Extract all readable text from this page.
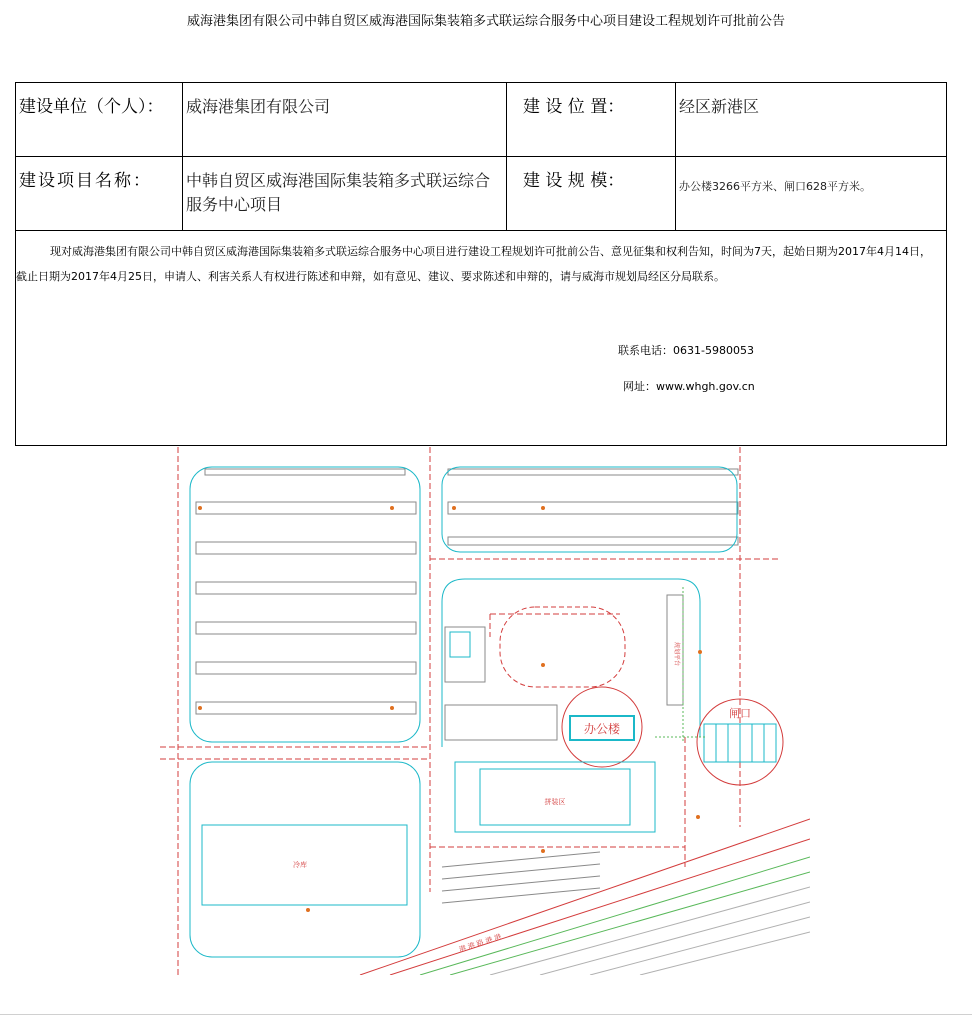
威海港集团有限公司中韩自贸区威海港国际集装箱多式联运综合服务中心项目建设工程规划许可批前公告
建设单位（个人）：	威海港集团有限公司	建 设 位 置：	经区新港区

建设项目名称：	中韩自贸区威海港国际集装箱多式联运综合服务中心项目	建 设 规 模：	办公楼3266平方米、闸口628平方米。

现对威海港集团有限公司中韩自贸区威海港国际集装箱多式联运综合服务中心项目进行建设工程规划许可批前公告、意见征集和权利告知，时间为7天，起始日期为2017年4月14日，截止日期为2017年4月25日，申请人、利害关系人有权进行陈述和申辩，如有意见、建议、要求陈述和申辩的，请与威海市规划局经区分局联系。

联系电话：0631-5980053
网址：www.whgh.gov.cn			
规划平台
办公楼
闸口
拼装区
冷库
港 港 路 港 港
